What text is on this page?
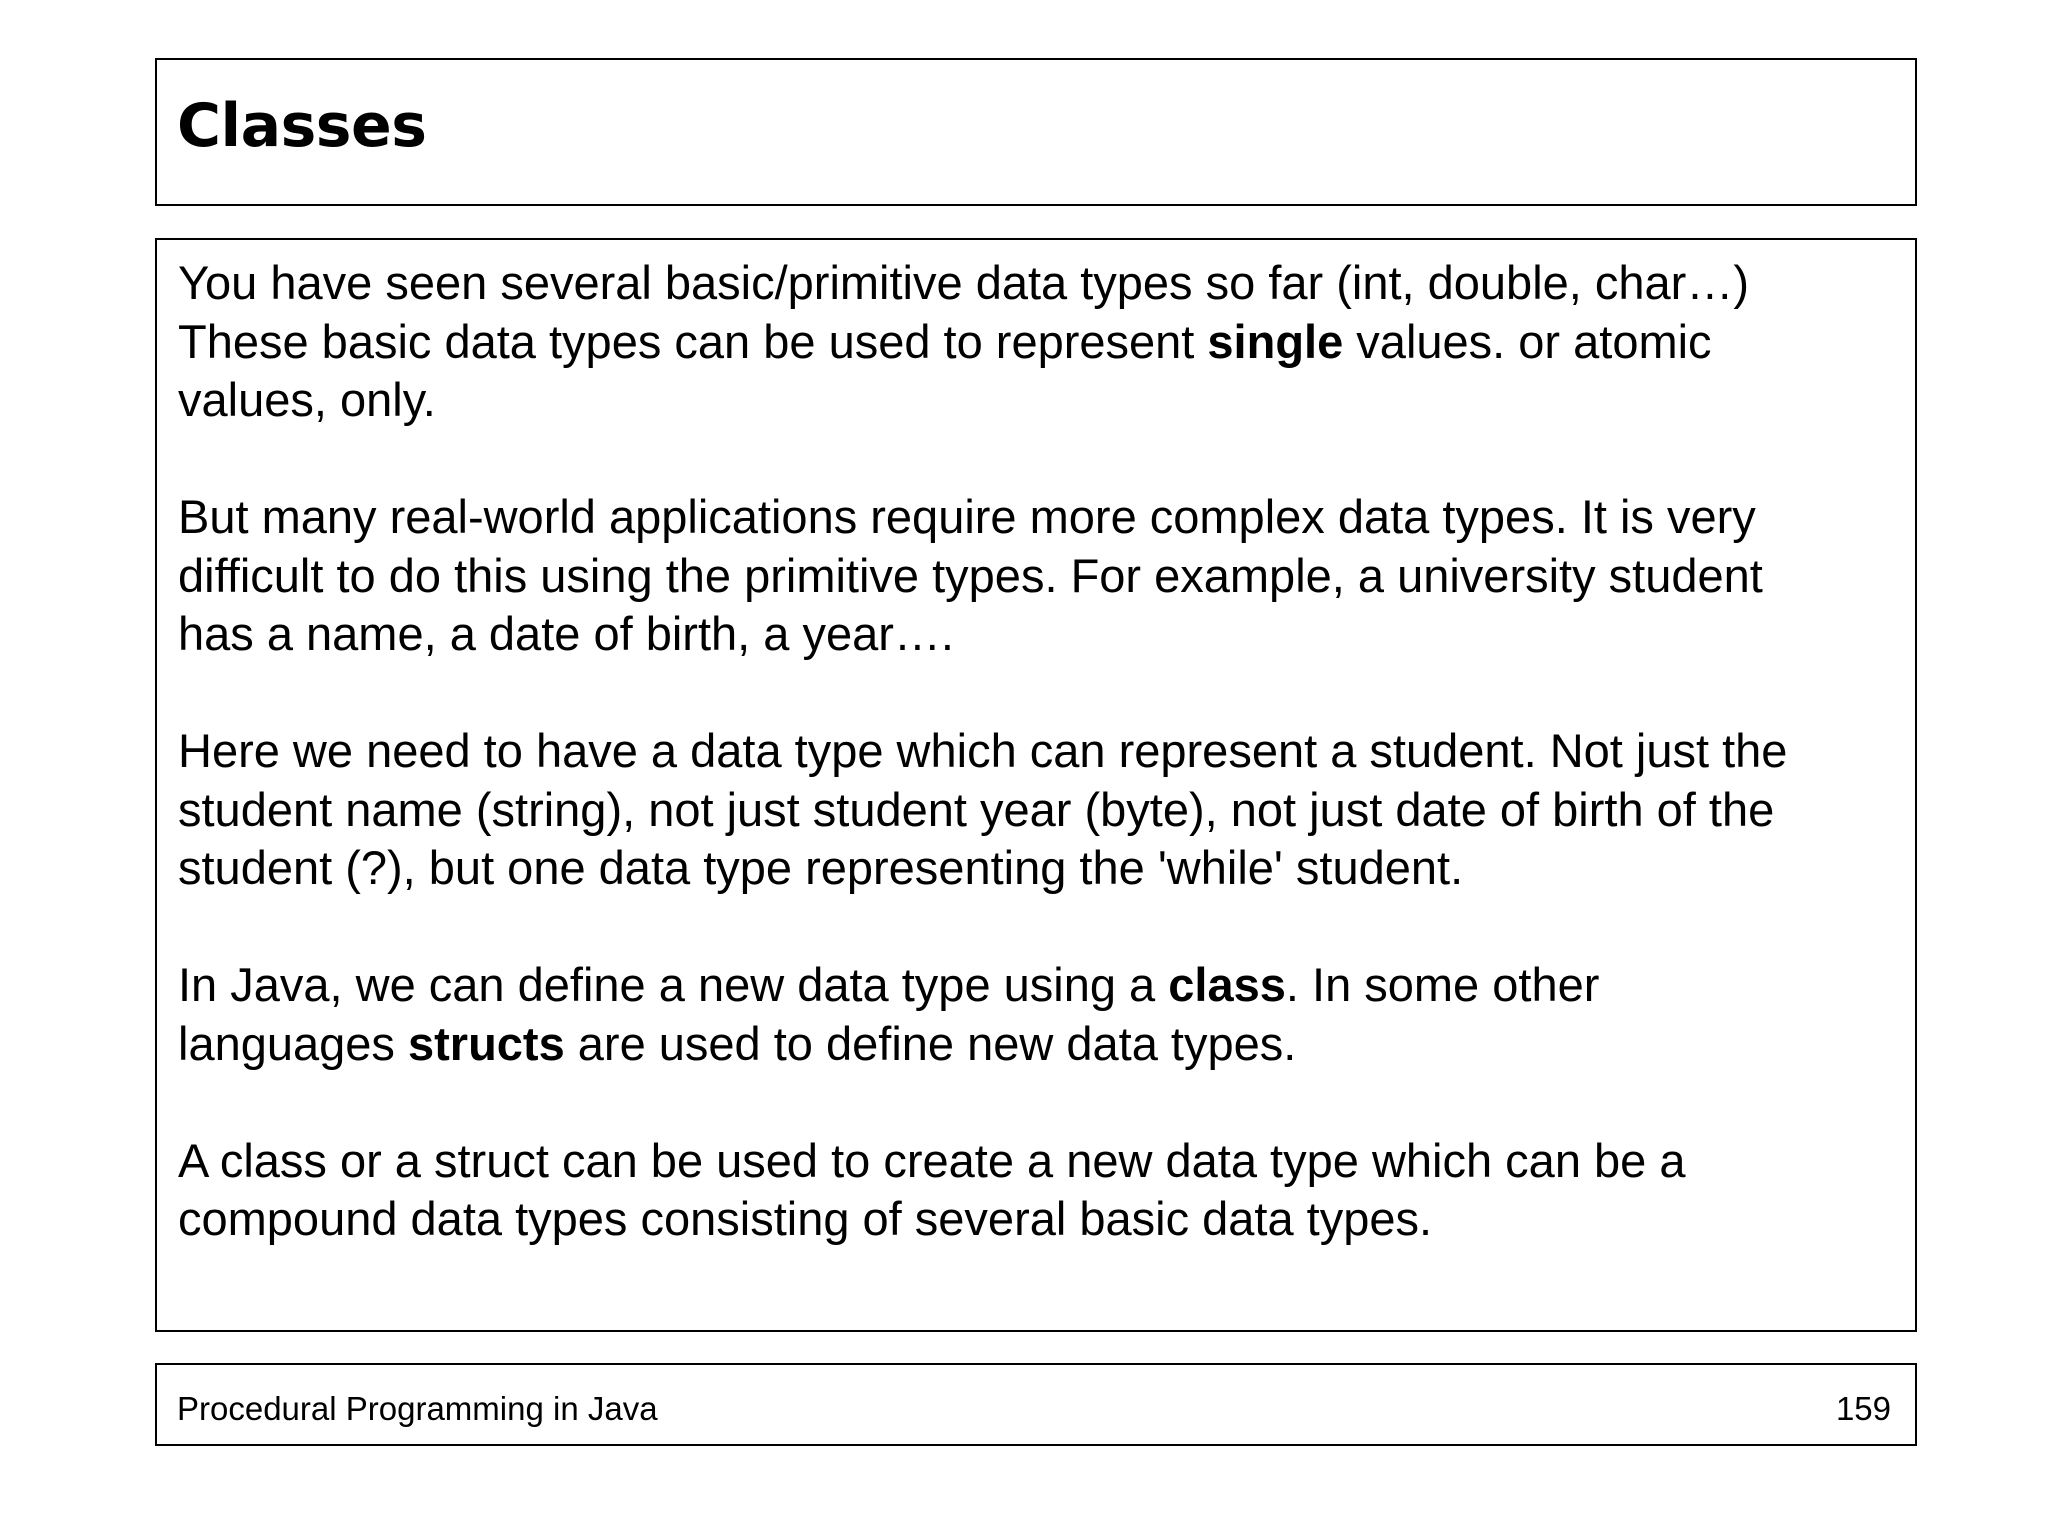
Classes

You have seen several basic/primitive data types so far (int, double, char…)
These basic data types can be used to represent single values. or atomic
values, only.

But many real-world applications require more complex data types. It is very
difficult to do this using the primitive types. For example, a university student
has a name, a date of birth, a year….

Here we need to have a data type which can represent a student. Not just the
student name (string), not just student year (byte), not just date of birth of the
student (?), but one data type representing the 'while' student.

In Java, we can define a new data type using a class. In some other
languages structs are used to define new data types.

A class or a struct can be used to create a new data type which can be a
compound data types consisting of several basic data types.

Procedural Programming in Java	159
